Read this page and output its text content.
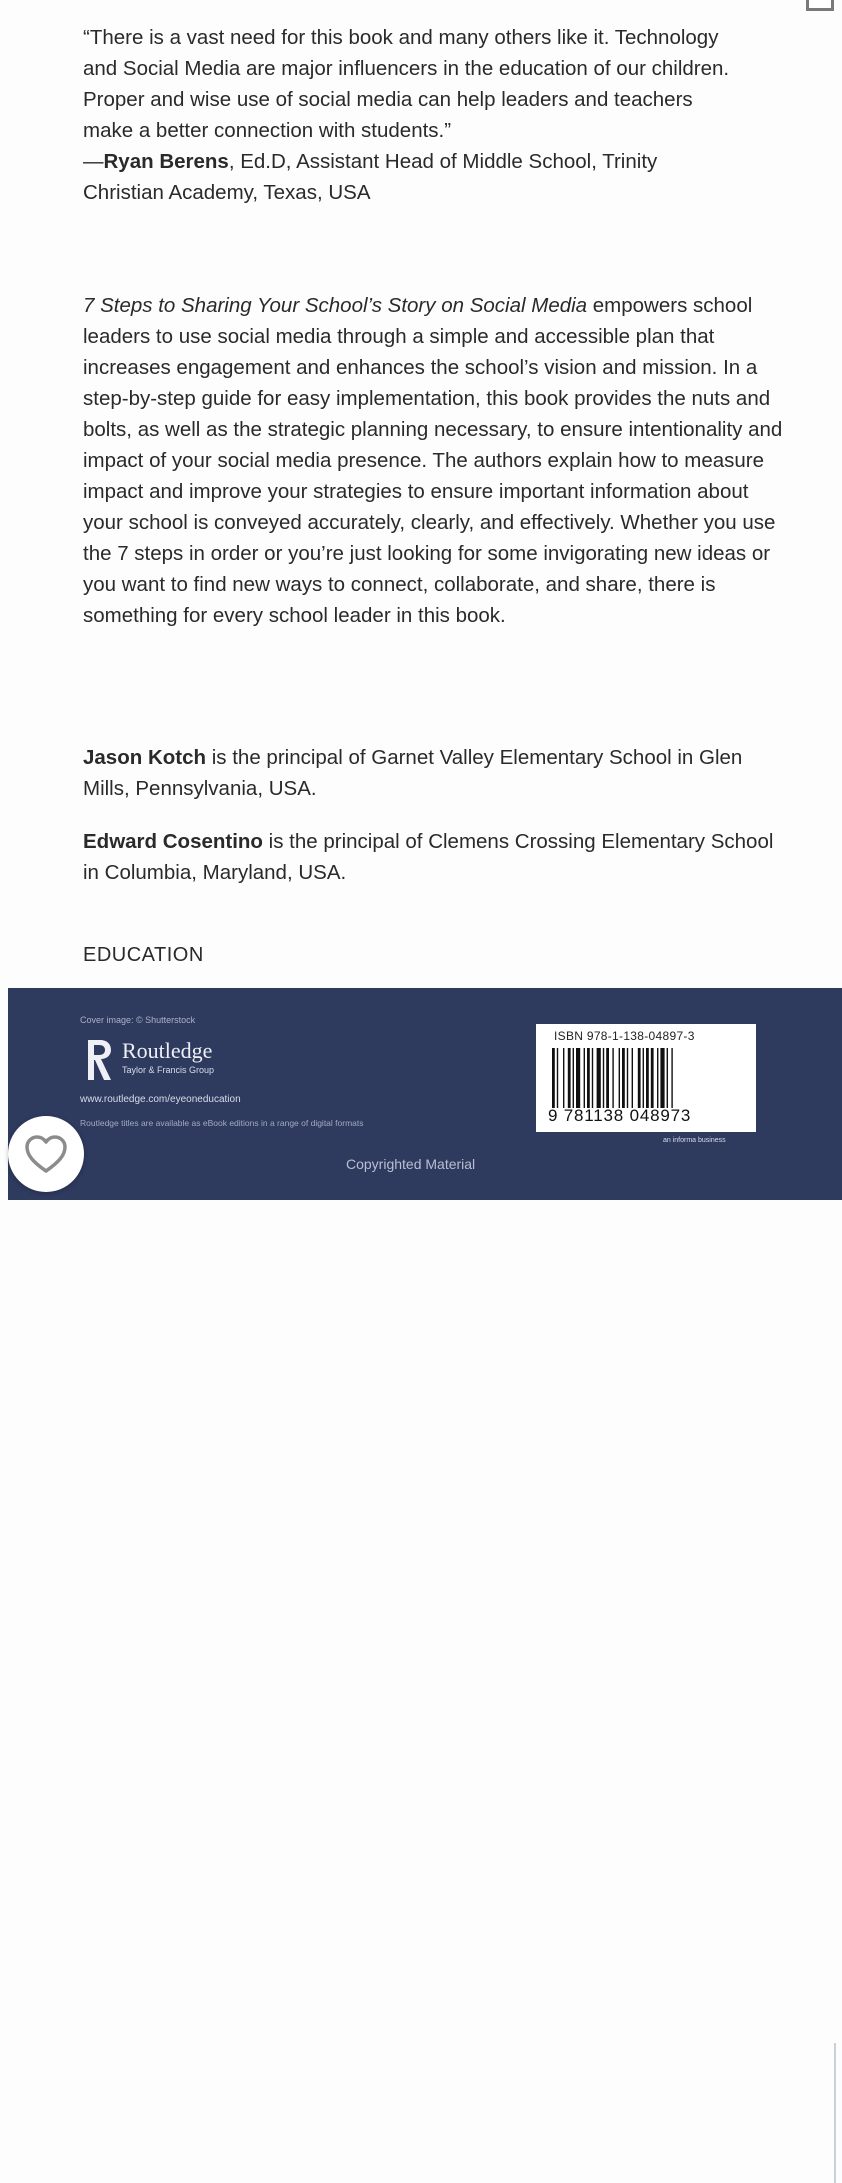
“There is a vast need for this book and many others like it. Technology and Social Media are major influencers in the education of our children. Proper and wise use of social media can help leaders and teachers make a better connection with students.”
—Ryan Berens, Ed.D, Assistant Head of Middle School, Trinity Christian Academy, Texas, USA
7 Steps to Sharing Your School’s Story on Social Media empowers school leaders to use social media through a simple and accessible plan that increases engagement and enhances the school’s vision and mission. In a step-by-step guide for easy implementation, this book provides the nuts and bolts, as well as the strategic planning necessary, to ensure intentionality and impact of your social media presence. The authors explain how to measure impact and improve your strategies to ensure important information about your school is conveyed accurately, clearly, and effectively. Whether you use the 7 steps in order or you’re just looking for some invigorating new ideas or you want to find new ways to connect, collaborate, and share, there is something for every school leader in this book.
Jason Kotch is the principal of Garnet Valley Elementary School in Glen Mills, Pennsylvania, USA.
Edward Cosentino is the principal of Clemens Crossing Elementary School in Columbia, Maryland, USA.
EDUCATION
Cover image: © Shutterstock
Routledge
Taylor & Francis Group
www.routledge.com/eyeoneducation
Routledge titles are available as eBook editions in a range of digital formats
Copyrighted Material
ISBN 978-1-138-04897-3
9 781138 048973
an informa business
